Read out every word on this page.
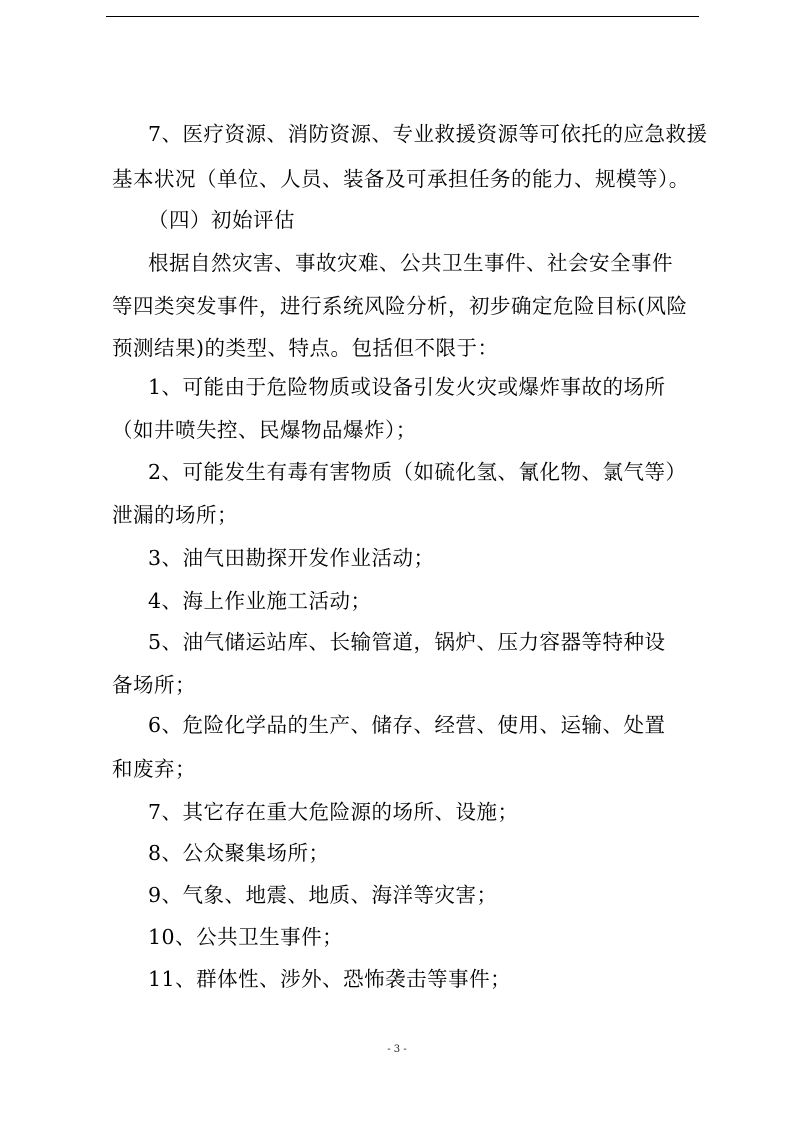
7、医疗资源、消防资源、专业救援资源等可依托的应急救援
基本状况（单位、人员、装备及可承担任务的能力、规模等）。
（四）初始评估
根据自然灾害、事故灾难、公共卫生事件、社会安全事件
等四类突发事件，进行系统风险分析，初步确定危险目标(风险
预测结果)的类型、特点。包括但不限于：
1、可能由于危险物质或设备引发火灾或爆炸事故的场所
（如井喷失控、民爆物品爆炸）；
2、可能发生有毒有害物质（如硫化氢、氰化物、氯气等）
泄漏的场所；
3、油气田勘探开发作业活动；
4、海上作业施工活动；
5、油气储运站库、长输管道，锅炉、压力容器等特种设
备场所；
6、危险化学品的生产、储存、经营、使用、运输、处置
和废弃；
7、其它存在重大危险源的场所、设施；
8、公众聚集场所；
9、气象、地震、地质、海洋等灾害；
10、公共卫生事件；
11、群体性、涉外、恐怖袭击等事件；
- 3 -
